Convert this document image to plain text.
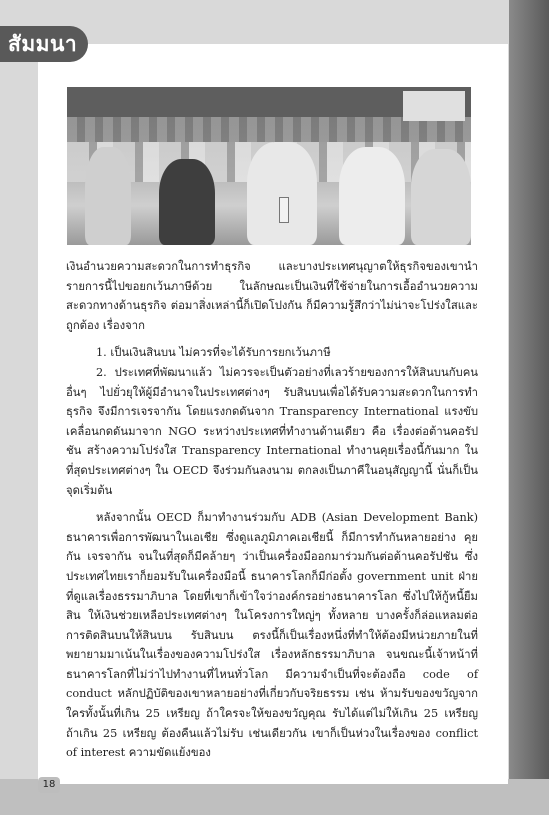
สัมมนา

เงินอำนวยความสะดวกในการทำธุรกิจ และบางประเทศนุญาตให้ธุรกิจของเขานำรายการนี้ไปขอยกเว้นภาษีด้วย ในลักษณะเป็นเงินที่ใช้จ่ายในการเอื้ออำนวยความสะดวกทางด้านธุรกิจ ต่อมาสิ่งเหล่านี้ก็เปิดโปงกัน ก็มีความรู้สึกว่าไม่น่าจะโปร่งใสและถูกต้อง เรื่องจาก

1. เป็นเงินสินบน ไม่ควรที่จะได้รับการยกเว้นภาษี

2. ประเทศที่พัฒนาแล้ว ไม่ควรจะเป็นตัวอย่างที่เลวร้ายของการให้สินบนกับคนอื่นๆ ไปยั่วยุให้ผู้มีอำนาจในประเทศต่างๆ รับสินบนเพื่อได้รับความสะดวกในการทำธุรกิจ จึงมีการเจรจากัน โดยแรงกดดันจาก Transparency International แรงขับเคลื่อนกดดันมาจาก NGO ระหว่างประเทศที่ทำงานด้านเดียว คือ เรื่องต่อต้านคอรัปชัน สร้างความโปร่งใส Transparency International ทำงานคุยเรื่องนี้กันมาก ในที่สุดประเทศต่างๆ ใน OECD จึงร่วมกันลงนาม ตกลงเป็นภาคีในอนุสัญญานี้ นั่นก็เป็นจุดเริ่มต้น

หลังจากนั้น OECD ก็มาทำงานร่วมกับ ADB (Asian Development Bank) ธนาคารเพื่อการพัฒนาในเอเชีย ซึ่งดูแลภูมิภาคเอเชียนี้ ก็มีการทำกันหลายอย่าง คุยกัน เจรจากัน จนในที่สุดก็มีคล้ายๆ ว่าเป็นเครื่องมืออกมาร่วมกันต่อต้านคอรัปชัน ซึ่งประเทศไทยเราก็ยอมรับในเครื่องมือนี้ ธนาคารโลกก็มีก่อตั้ง government unit ฝ่ายที่ดูแลเรื่องธรรมาภิบาล โดยที่เขาก็เข้าใจว่าองค์กรอย่างธนาคารโลก ซึ่งไปให้กู้หนี้ยืมสิน ให้เงินช่วยเหลือประเทศต่างๆ ในโครงการใหญ่ๆ ทั้งหลาย บางครั้งก็ล่อแหลมต่อการติดสินบนให้สินบน รับสินบน ตรงนี้ก็เป็นเรื่องหนึ่งที่ทำให้ต้องมีหน่วยภายในที่พยายามมาเน้นในเรื่องของความโปร่งใส เรื่องหลักธรรมาภิบาล จนขณะนี้เจ้าหน้าที่ธนาคารโลกที่ไม่ว่าไปทำงานที่ไหนทั่วโลก มีความจำเป็นที่จะต้องถือ code of conduct หลักปฏิบัติของเขาหลายอย่างที่เกี่ยวกับจริยธรรม เช่น ห้ามรับของขวัญจากใครทั้งนั้นที่เกิน 25 เหรียญ ถ้าใครจะให้ของขวัญคุณ รับได้แต่ไม่ให้เกิน 25 เหรียญ ถ้าเกิน 25 เหรียญ ต้องคืนแล้วไม่รับ เช่นเดียวกัน เขาก็เป็นห่วงในเรื่องของ conflict of interest ความขัดแย้งของ

18
